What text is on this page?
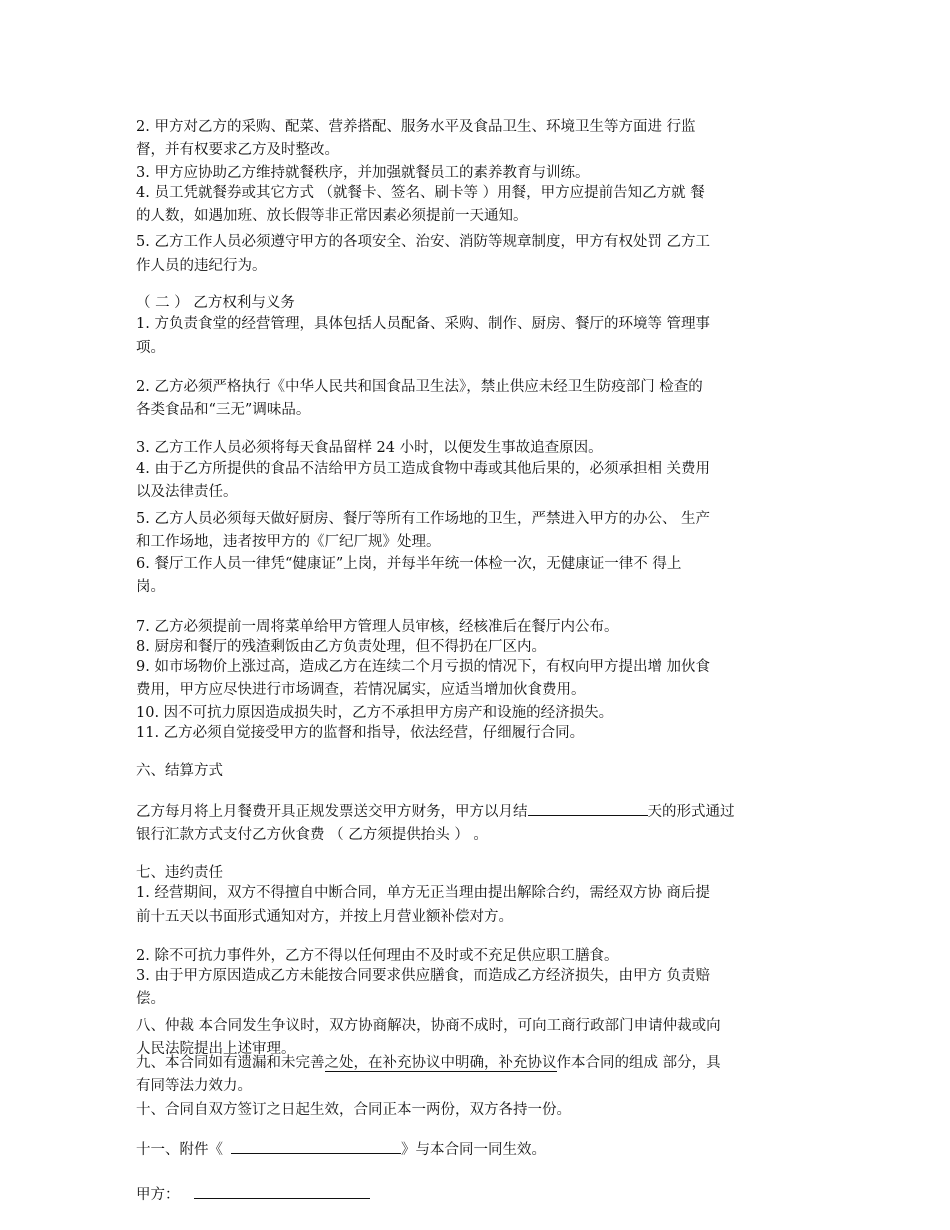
2. 甲方对乙方的采购、配菜、营养搭配、服务水平及食品卫生、环境卫生等方面进 行监
督，并有权要求乙方及时整改。
3. 甲方应协助乙方维持就餐秩序，并加强就餐员工的素养教育与训练。
4. 员工凭就餐券或其它方式 （就餐卡、签名、刷卡等 ）用餐，甲方应提前告知乙方就 餐
的人数，如遇加班、放长假等非正常因素必须提前一天通知。
5. 乙方工作人员必须遵守甲方的各项安全、治安、消防等规章制度，甲方有权处罚 乙方工
作人员的违纪行为。
（ 二 ） 乙方权利与义务
1. 方负责食堂的经营管理，具体包括人员配备、采购、制作、厨房、餐厅的环境等 管理事
项。
2. 乙方必须严格执行《中华人民共和国食品卫生法》，禁止供应未经卫生防疫部门 检查的
各类食品和“三无”调味品。
3. 乙方工作人员必须将每天食品留样 24 小时，以便发生事故追查原因。
4. 由于乙方所提供的食品不洁给甲方员工造成食物中毒或其他后果的，必须承担相 关费用
以及法律责任。
5. 乙方人员必须每天做好厨房、餐厅等所有工作场地的卫生，严禁进入甲方的办公、 生产
和工作场地，违者按甲方的《厂纪厂规》处理。
6. 餐厅工作人员一律凭“健康证”上岗，并每半年统一体检一次，无健康证一律不 得上
岗。
7. 乙方必须提前一周将菜单给甲方管理人员审核，经核准后在餐厅内公布。
8. 厨房和餐厅的残渣剩饭由乙方负责处理，但不得扔在厂区内。
9. 如市场物价上涨过高，造成乙方在连续二个月亏损的情况下，有权向甲方提出增 加伙食
费用，甲方应尽快进行市场调查，若情况属实，应适当增加伙食费用。
10. 因不可抗力原因造成损失时，乙方不承担甲方房产和设施的经济损失。
11. 乙方必须自觉接受甲方的监督和指导，依法经营，仔细履行合同。
六、结算方式
乙方每月将上月餐费开具正规发票送交甲方财务，甲方以月结	天的形式通过
银行汇款方式支付乙方伙食费 （ 乙方须提供抬头 ） 。
七、违约责任
1. 经营期间，双方不得擅自中断合同，单方无正当理由提出解除合约，需经双方协 商后提
前十五天以书面形式通知对方，并按上月营业额补偿对方。
2. 除不可抗力事件外，乙方不得以任何理由不及时或不充足供应职工膳食。
3. 由于甲方原因造成乙方未能按合同要求供应膳食，而造成乙方经济损失，由甲方 负责赔
偿。
八、仲裁 本合同发生争议时，双方协商解决，协商不成时，可向工商行政部门申请仲裁或向
人民法院提出上述审理。
九、本合同如有遗漏和未完善之处，在补充协议中明确，补充协议作本合同的组成 部分，具
有同等法力效力。
十、合同自双方签订之日起生效，合同正本一两份，双方各持一份。
十一、附件《	》与本合同一同生效。
甲方：
